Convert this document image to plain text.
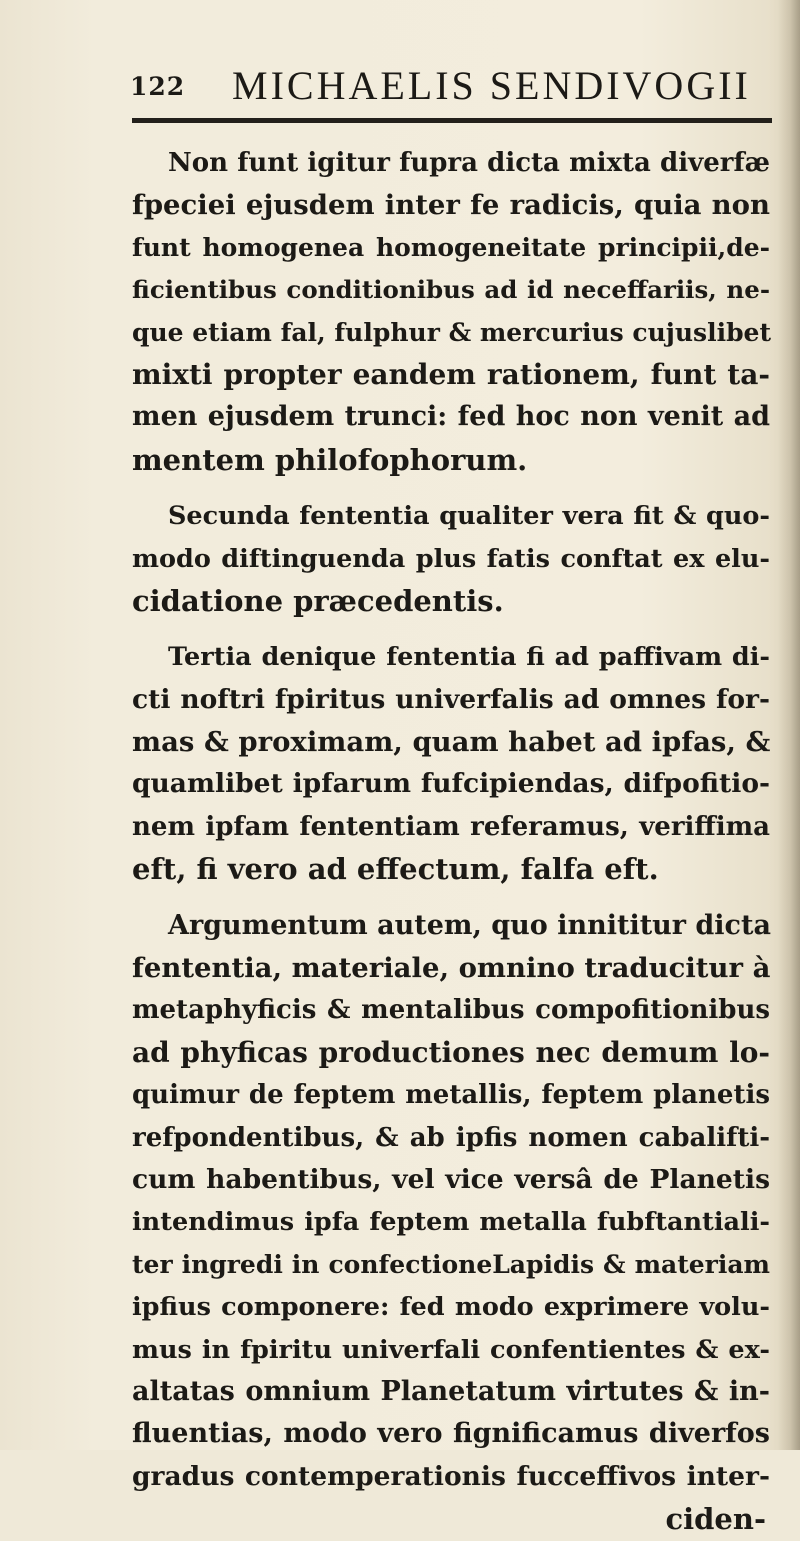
122 MICHAELIS SENDIVOGII
Non funt igitur fupra dicta mixta diverfæ
fpeciei ejusdem inter fe radicis, quia non
funt homogenea homogeneitate principii,de-
ficientibus conditionibus ad id neceffariis, ne-
que etiam fal, fulphur & mercurius cujuslibet
mixti propter eandem rationem, funt ta-
men ejusdem trunci: fed hoc non venit ad
mentem philofophorum.
Secunda fententia qualiter vera fit & quo-
modo diftinguenda plus fatis conftat ex elu-
cidatione præcedentis.
Tertia denique fententia fi ad paffivam di-
cti noftri fpiritus univerfalis ad omnes for-
mas & proximam, quam habet ad ipfas, &
quamlibet ipfarum fufcipiendas, difpofitio-
nem ipfam fententiam referamus, veriffima
eft, fi vero ad effectum, falfa eft.
Argumentum autem, quo innititur dicta
fententia, materiale, omnino traducitur à
metaphyficis & mentalibus compofitionibus
ad phyficas productiones nec demum lo-
quimur de feptem metallis, feptem planetis
refpondentibus, & ab ipfis nomen cabalifti-
cum habentibus, vel vice versâ de Planetis
intendimus ipfa feptem metalla fubftantiali-
ter ingredi in confectioneLapidis & materiam
ipfius componere: fed modo exprimere volu-
mus in fpiritu univerfali confentientes & ex-
altatas omnium Planetatum virtutes & in-
fluentias, modo vero fignificamus diverfos
gradus contemperationis fucceffivos inter-
ciden-
